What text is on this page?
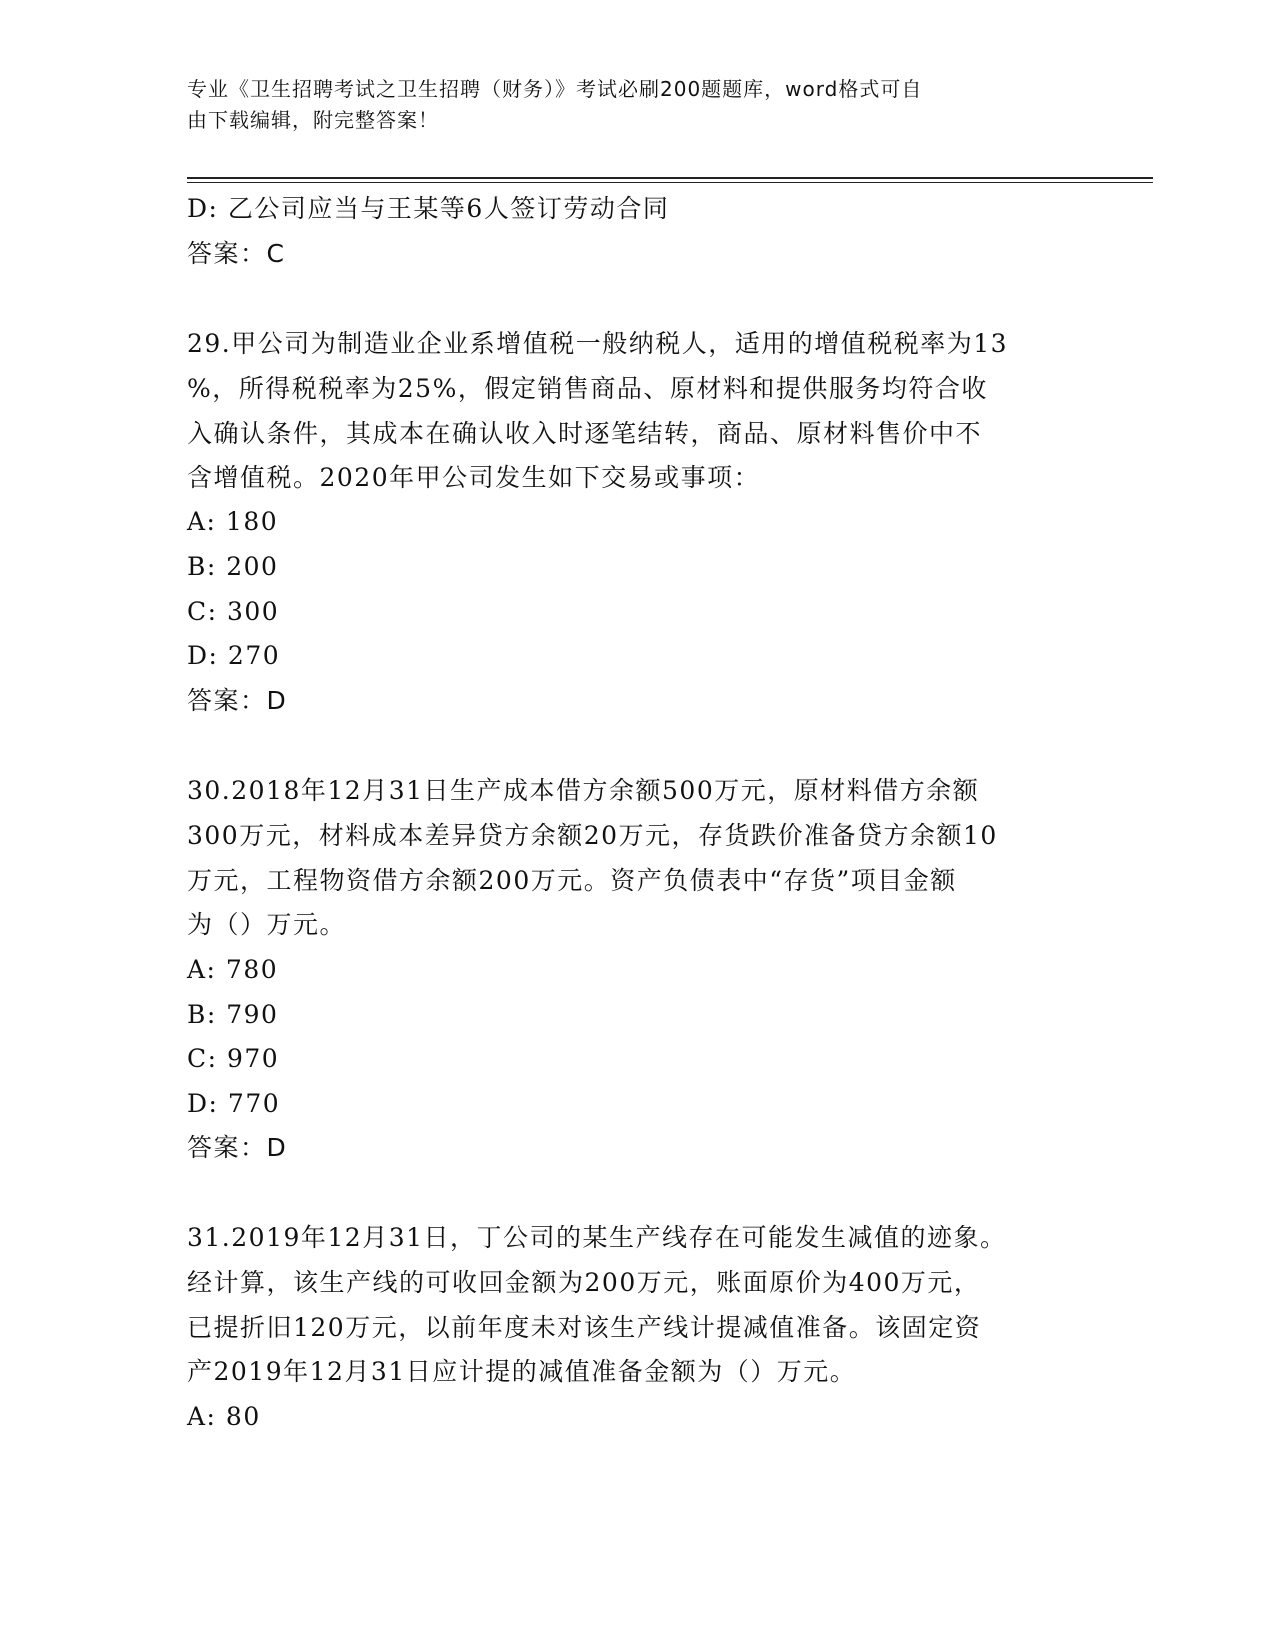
专业《卫生招聘考试之卫生招聘（财务）》考试必刷200题题库，word格式可自

由下载编辑，附完整答案！

D: 乙公司应当与王某等6人签订劳动合同
答案：C
29.甲公司为制造业企业系增值税一般纳税人，适用的增值税税率为13
%，所得税税率为25%，假定销售商品、原材料和提供服务均符合收
入确认条件，其成本在确认收入时逐笔结转，商品、原材料售价中不
含增值税。2020年甲公司发生如下交易或事项：
A: 180
B: 200
C: 300
D: 270
答案：D
30.2018年12月31日生产成本借方余额500万元，原材料借方余额
300万元，材料成本差异贷方余额20万元，存货跌价准备贷方余额10
万元，工程物资借方余额200万元。资产负债表中“存货”项目金额
为（）万元。
A: 780
B: 790
C: 970
D: 770
答案：D
31.2019年12月31日，丁公司的某生产线存在可能发生减值的迹象。
经计算，该生产线的可收回金额为200万元，账面原价为400万元，
已提折旧120万元，以前年度未对该生产线计提减值准备。该固定资
产2019年12月31日应计提的减值准备金额为（）万元。
A: 80
